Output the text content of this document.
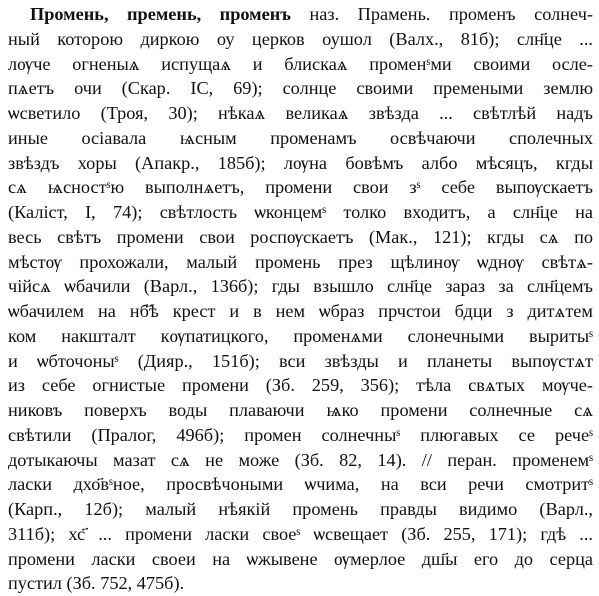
Промень, премень, променъ наз. Прамень. променъ солнеч-
ный которою диркою оу церков оушол (Валх., 81б); слн҃це ...
лѹче огненыѧ испущаѧ и блискаѧ променˢми своими осле-
пѧетъ очи (Скар. IC, 69); солнце своими премеными землю
ѡсветило (Троя, 30); нѣкаѧ великаѧ звѣзда ... свѣтлѣй надъ
иные осіавала ѩсным променамъ освѣчаючи сполечных
звѣздъ хоры (Апакр., 185б); лѹна бовѣмъ албо мѣсяцъ, кгды
сѧ ѩсностˢю выполнѧетъ, промени свои зˢ себе выпѹскаетъ
(Каліст, І, 74); свѣтлость ѡконцемˢ толко входитъ, а слн҃це на
весь свѣтъ промени свои роспѹскаетъ (Мак., 121); кгды сѧ по
мѣстѹ прохожали, малый промень през щѣлинѹ ѡднѹ свѣтѧ-
чійсѧ ѡбачили (Варл., 136б); гды взышло слн҃це зараз за слн҃цемъ
ѡбачилем на нб҃ѣ крест и в нем ѡбраз прчстои бдци з дитѧтем
ком накшталт кѹпатицкого, променѧми слонечными выритыˢ
и ѡбточоныˢ (Дияр., 151б); вси звѣзды и планеты выпѹстѧт
из себе огнистые промени (Зб. 259, 356); тѣла свѧтых мѹче-
никовъ поверхъ воды плаваючи ѩко промени солнечные сѧ
свѣтили (Пралог, 496б); промен солнечныˢ плюгавых се речеˢ
дотыкаючы мазат сѧ не може (Зб. 82, 14). // перан. променемˢ
ласки дхо҃вˢное, просвѣчоными ѡчима, на вси речи смотритˢ
(Карп., 12б); малый нѣякій промень правды видимо (Варл.,
311б); хс҃ ... промени ласки своеˢ ѡсвещает (Зб. 255, 171); гдѣ ...
промени ласки своеи на ѡжывене ѹмерлое дш҃ы его до серца
пустил (Зб. 752, 475б).
